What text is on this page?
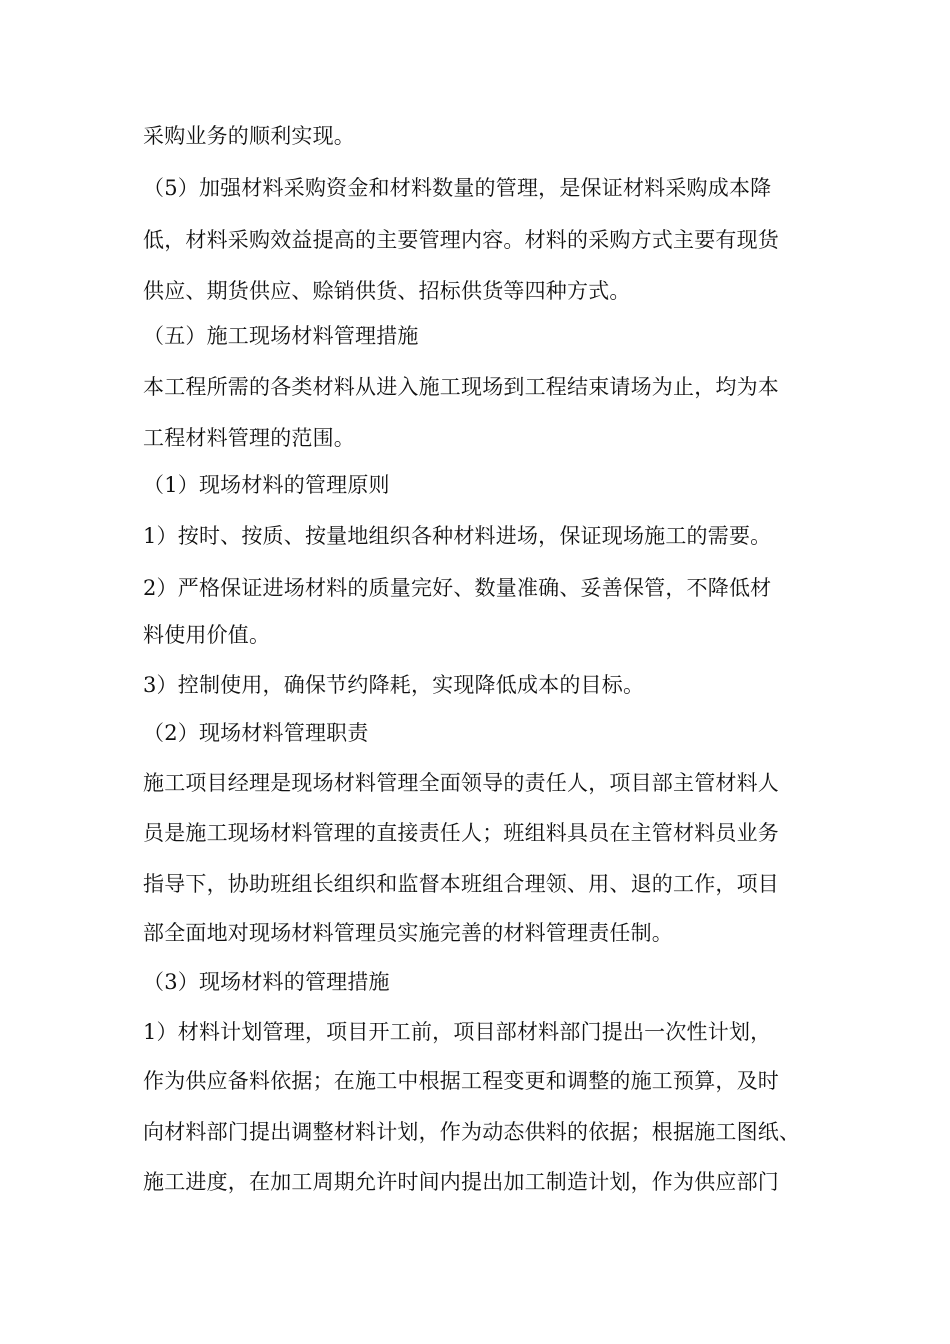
采购业务的顺利实现。
（5）加强材料采购资金和材料数量的管理，是保证材料采购成本降
低，材料采购效益提高的主要管理内容。材料的采购方式主要有现货
供应、期货供应、赊销供货、招标供货等四种方式。
（五）施工现场材料管理措施
本工程所需的各类材料从进入施工现场到工程结束请场为止，均为本
工程材料管理的范围。
（1）现场材料的管理原则
1）按时、按质、按量地组织各种材料进场，保证现场施工的需要。
2）严格保证进场材料的质量完好、数量准确、妥善保管，不降低材
料使用价值。
3）控制使用，确保节约降耗，实现降低成本的目标。
（2）现场材料管理职责
施工项目经理是现场材料管理全面领导的责任人，项目部主管材料人
员是施工现场材料管理的直接责任人；班组料具员在主管材料员业务
指导下，协助班组长组织和监督本班组合理领、用、退的工作，项目
部全面地对现场材料管理员实施完善的材料管理责任制。
（3）现场材料的管理措施
1）材料计划管理，项目开工前，项目部材料部门提出一次性计划，
作为供应备料依据；在施工中根据工程变更和调整的施工预算，及时
向材料部门提出调整材料计划，作为动态供料的依据；根据施工图纸、
施工进度，在加工周期允许时间内提出加工制造计划，作为供应部门
